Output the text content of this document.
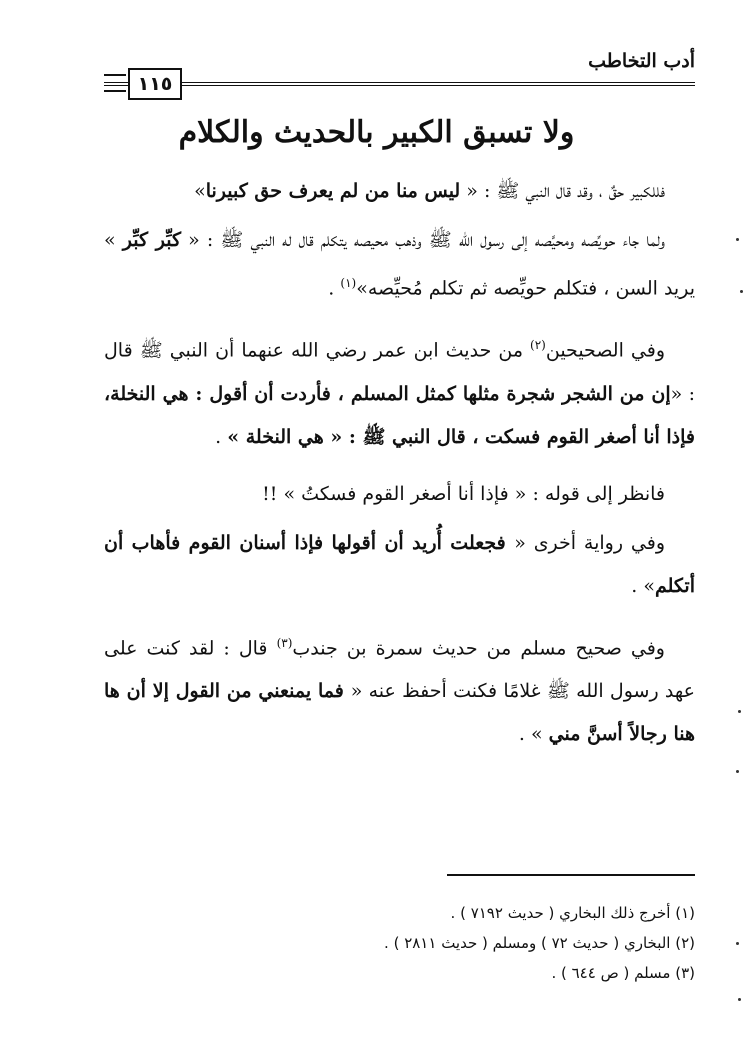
أدب التخاطب
١١٥
ولا تسبق الكبير بالحديث والكلام

فللكبير حقٌ ، وقد قال النبي ﷺ : « ليس منا من لم يعرف حق كبيرنا»

ولما جاء حويِّصه ومحيَّصه إلى رسول الله ﷺ وذهب محيصه يتكلم قال له النبي ﷺ : « كبِّر كبِّر » يريد السن ، فتكلم حويِّصه ثم تكلم مُحيِّصه»$^{(١)}$ .

وفي الصحيحين$^{(٢)}$ من حديث ابن عمر رضي الله عنهما أن النبي ﷺ قال : «إن من الشجر شجرة مثلها كمثل المسلم ، فأردت أن أقول : هي النخلة، فإذا أنا أصغر القوم فسكت ، قال النبي ﷺ : « هي النخلة » .

فانظر إلى قوله : « فإذا أنا أصغر القوم فسكتُ » !!

وفي رواية أخرى « فجعلت أُريد أن أقولها فإذا أسنان القوم فأهاب أن أتكلم» .

وفي صحيح مسلم من حديث سمرة بن جندب$^{(٣)}$ قال : لقد كنت على عهد رسول الله ﷺ غلامًا فكنت أحفظ عنه « فما يمنعني من القول إلا أن ها هنا رجالاً أسنَّ مني » .

(١) أخرج ذلك البخاري ( حديث ٧١٩٢ ) .
(٢) البخاري ( حديث ٧٢ ) ومسلم ( حديث ٢٨١١ ) .
(٣) مسلم ( ص ٦٤٤ ) .
